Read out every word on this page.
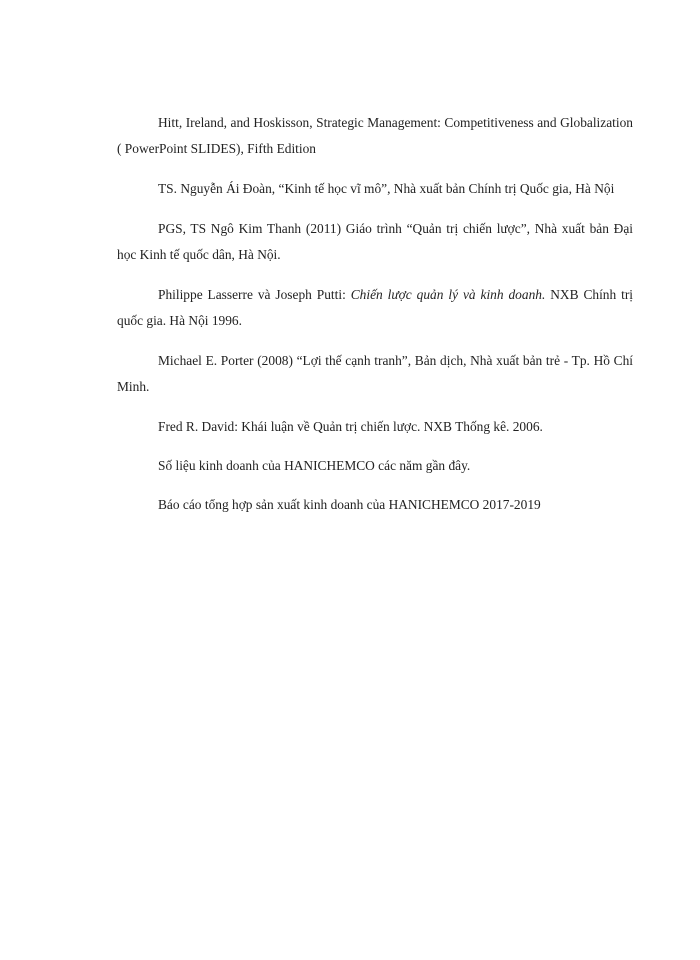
Hitt, Ireland, and Hoskisson, Strategic Management: Competitiveness and Globalization ( PowerPoint SLIDES), Fifth Edition

TS. Nguyễn Ái Đoàn, “Kinh tế học vĩ mô”, Nhà xuất bản Chính trị Quốc gia, Hà Nội

PGS, TS Ngô Kim Thanh (2011) Giáo trình “Quản trị chiến lược”, Nhà xuất bản Đại học Kinh tế quốc dân, Hà Nội.

Philippe Lasserre và Joseph Putti: Chiến lược quản lý và kinh doanh. NXB Chính trị quốc gia. Hà Nội 1996.

Michael E. Porter (2008) “Lợi thế cạnh tranh”, Bản dịch, Nhà xuất bản trẻ - Tp. Hồ Chí Minh.

Fred R. David: Khái luận về Quản trị chiến lược. NXB Thống kê. 2006.

Số liệu kinh doanh của HANICHEMCO các năm gần đây.

Báo cáo tổng hợp sản xuất kinh doanh của HANICHEMCO 2017-2019
